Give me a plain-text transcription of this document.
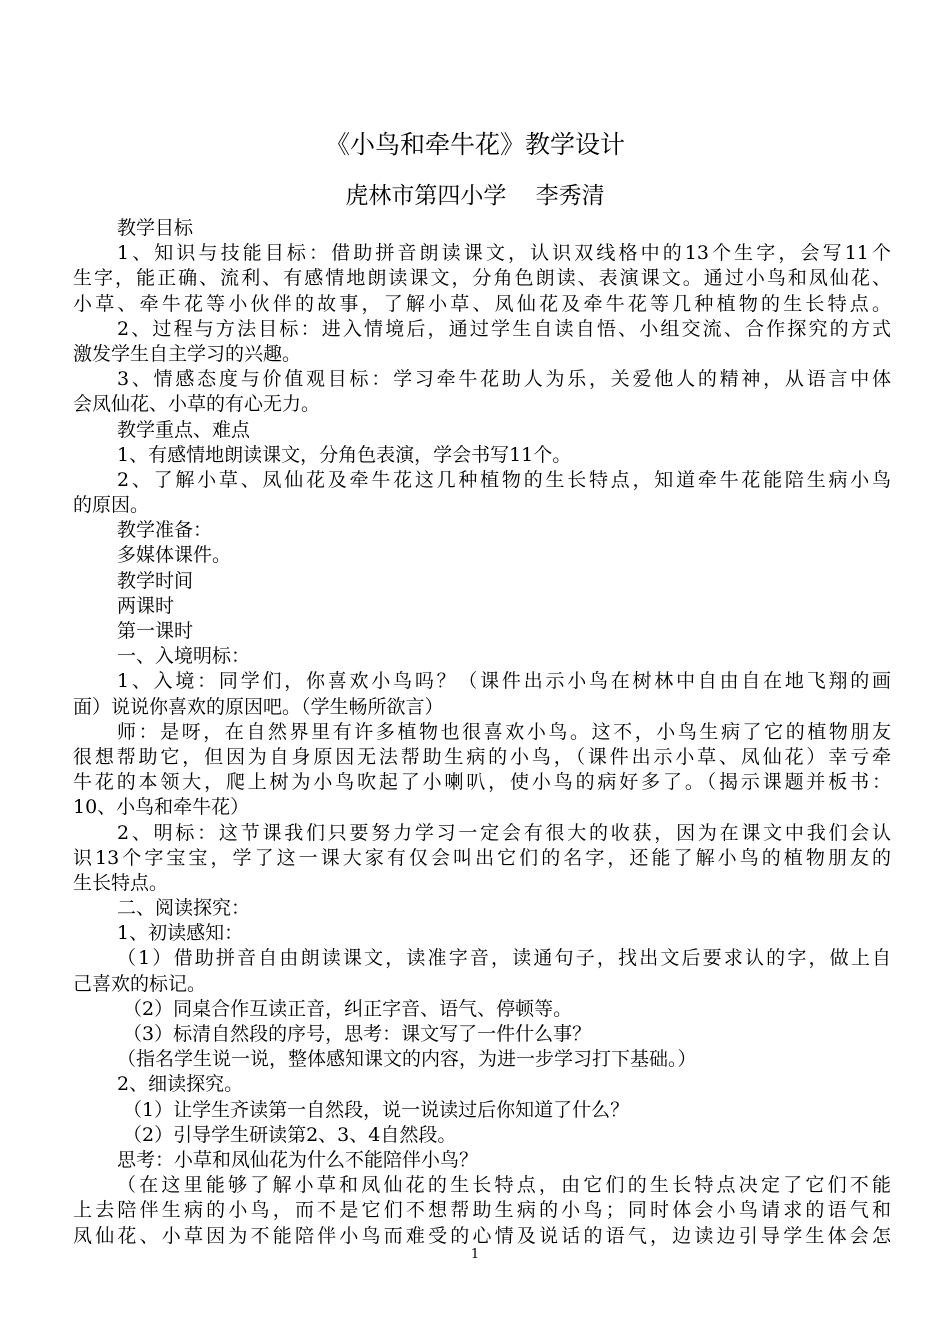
《小鸟和牵牛花》教学设计
虎林市第四小学    李秀清
教学目标
1、知识与技能目标：借助拼音朗读课文，认识双线格中的13个生字，会写11个
生字，能正确、流利、有感情地朗读课文，分角色朗读、表演课文。通过小鸟和凤仙花、
小草、牵牛花等小伙伴的故事，了解小草、凤仙花及牵牛花等几种植物的生长特点。
2、过程与方法目标：进入情境后，通过学生自读自悟、小组交流、合作探究的方式
激发学生自主学习的兴趣。
3、情感态度与价值观目标：学习牵牛花助人为乐，关爱他人的精神，从语言中体
会凤仙花、小草的有心无力。
教学重点、难点
1、有感情地朗读课文，分角色表演，学会书写11个。
2、了解小草、凤仙花及牵牛花这几种植物的生长特点，知道牵牛花能陪生病小鸟
的原因。
教学准备：
多媒体课件。
教学时间
两课时
第一课时
一、入境明标：
1、入境：同学们，你喜欢小鸟吗？（课件出示小鸟在树林中自由自在地飞翔的画
面）说说你喜欢的原因吧。（学生畅所欲言）
师：是呀，在自然界里有许多植物也很喜欢小鸟。这不，小鸟生病了它的植物朋友
很想帮助它，但因为自身原因无法帮助生病的小鸟，（课件出示小草、凤仙花）幸亏牵
牛花的本领大，爬上树为小鸟吹起了小喇叭，使小鸟的病好多了。（揭示课题并板书：
10、小鸟和牵牛花）
2、明标：这节课我们只要努力学习一定会有很大的收获，因为在课文中我们会认
识13个字宝宝，学了这一课大家有仅会叫出它们的名字，还能了解小鸟的植物朋友的
生长特点。
二、阅读探究：
1、初读感知：
（1）借助拼音自由朗读课文，读准字音，读通句子，找出文后要求认的字，做上自
己喜欢的标记。
（2）同桌合作互读正音，纠正字音、语气、停顿等。
（3）标清自然段的序号，思考：课文写了一件什么事？
（指名学生说一说，整体感知课文的内容，为进一步学习打下基础。）
2、细读探究。
（1）让学生齐读第一自然段，说一说读过后你知道了什么？
（2）引导学生研读第2、3、4自然段。
思考：小草和凤仙花为什么不能陪伴小鸟？
（在这里能够了解小草和凤仙花的生长特点，由它们的生长特点决定了它们不能
上去陪伴生病的小鸟，而不是它们不想帮助生病的小鸟；同时体会小鸟请求的语气和
凤仙花、小草因为不能陪伴小鸟而难受的心情及说话的语气，边读边引导学生体会怎
1
